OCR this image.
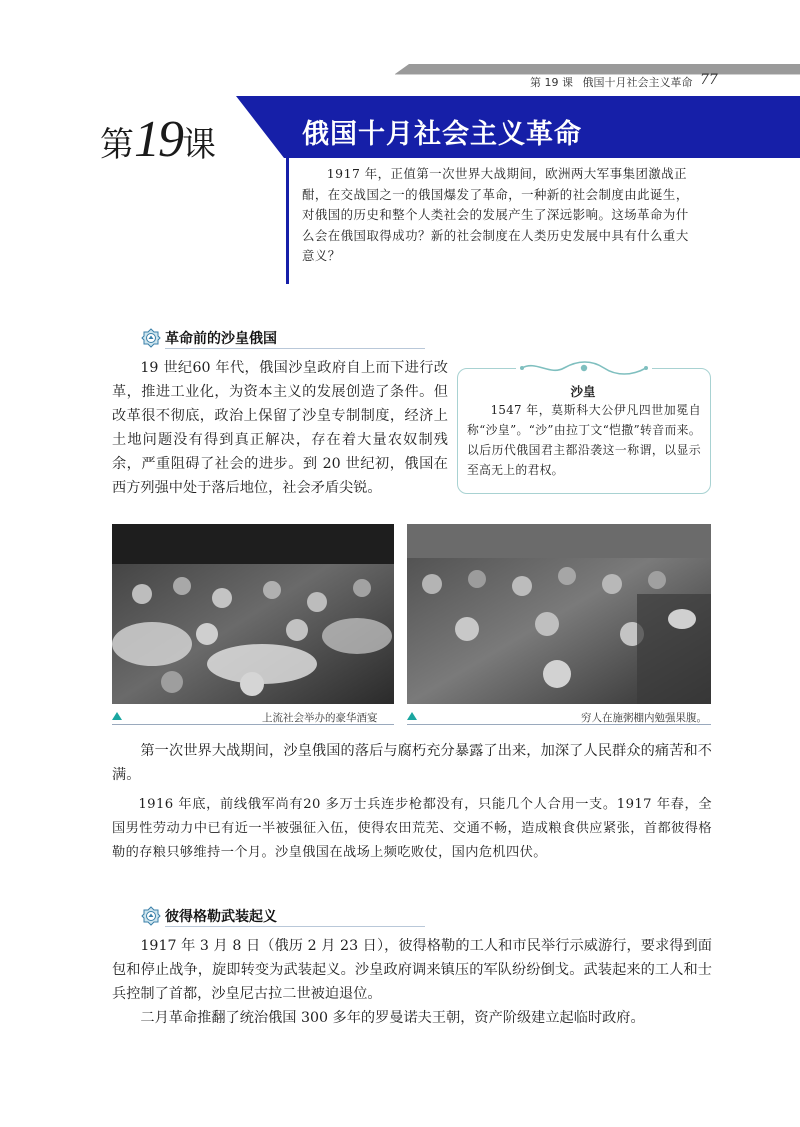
第 19 课 俄国十月社会主义革命 77
第19课	俄国十月社会主义革命
1917 年，正值第一次世界大战期间，欧洲两大军事集团激战正酣，在交战国之一的俄国爆发了革命，一种新的社会制度由此诞生，对俄国的历史和整个人类社会的发展产生了深远影响。这场革命为什么会在俄国取得成功？新的社会制度在人类历史发展中具有什么重大意义？
革命前的沙皇俄国
19 世纪60 年代，俄国沙皇政府自上而下进行改革，推进工业化，为资本主义的发展创造了条件。但改革很不彻底，政治上保留了沙皇专制制度，经济上土地问题没有得到真正解决，存在着大量农奴制残余，严重阻碍了社会的进步。到 20 世纪初，俄国在西方列强中处于落后地位，社会矛盾尖锐。
沙皇
1547 年，莫斯科大公伊凡四世加冕自称“沙皇”。“沙”由拉丁文“恺撒”转音而来。以后历代俄国君主都沿袭这一称谓，以显示至高无上的君权。
上流社会举办的豪华酒宴	穷人在施粥棚内勉强果腹。
第一次世界大战期间，沙皇俄国的落后与腐朽充分暴露了出来，加深了人民群众的痛苦和不满。
1916 年底，前线俄军尚有20 多万士兵连步枪都没有，只能几个人合用一支。1917 年春，全国男性劳动力中已有近一半被强征入伍，使得农田荒芜、交通不畅，造成粮食供应紧张，首都彼得格勒的存粮只够维持一个月。沙皇俄国在战场上频吃败仗，国内危机四伏。
彼得格勒武装起义
1917 年 3 月 8 日（俄历 2 月 23 日），彼得格勒的工人和市民举行示威游行，要求得到面包和停止战争，旋即转变为武装起义。沙皇政府调来镇压的军队纷纷倒戈。武装起来的工人和士兵控制了首都，沙皇尼古拉二世被迫退位。
二月革命推翻了统治俄国 300 多年的罗曼诺夫王朝，资产阶级建立起临时政府。
